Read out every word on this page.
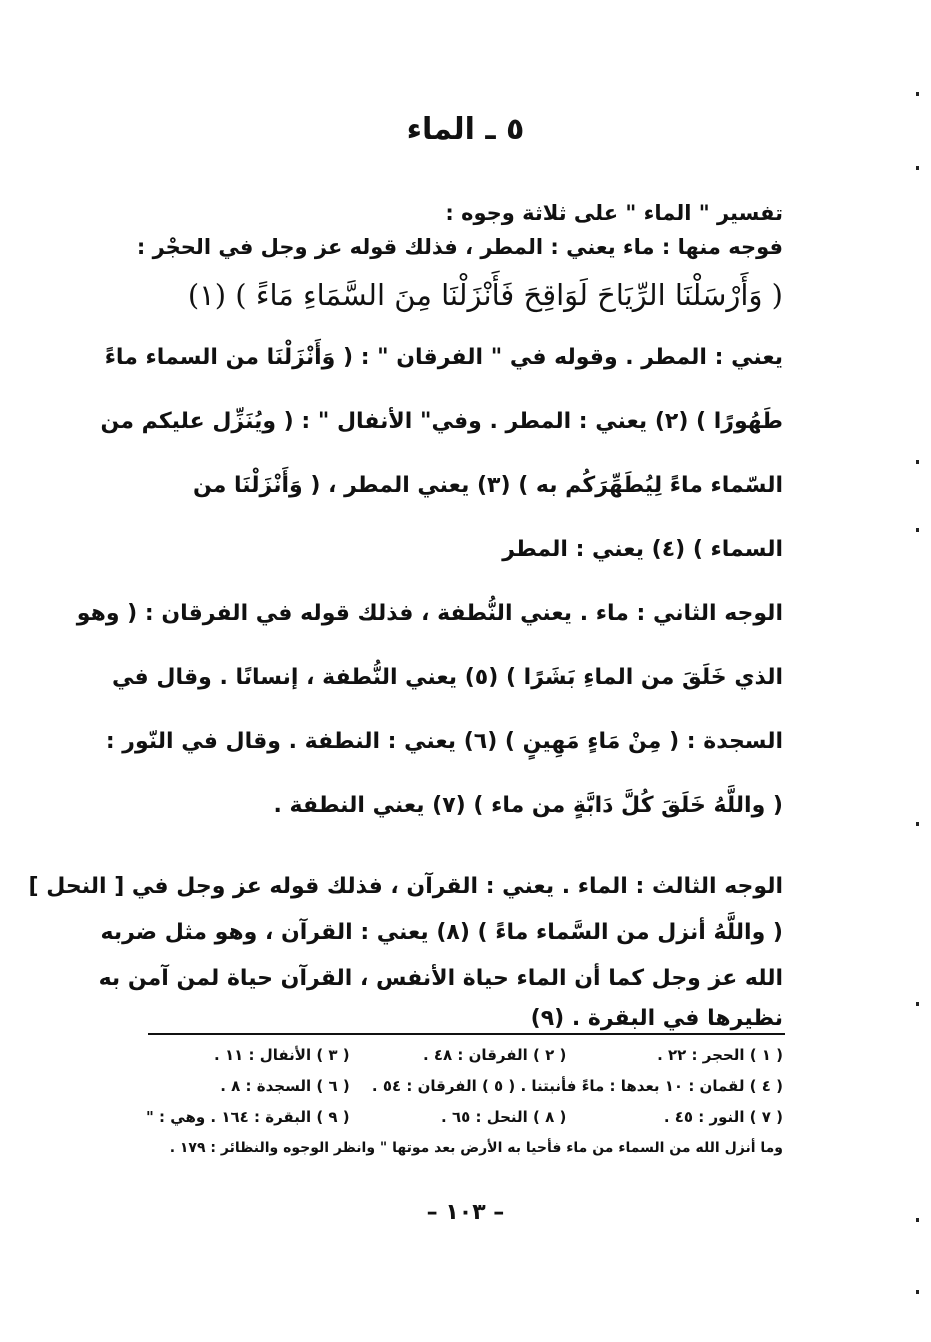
٥ ـ الماء
تفسير " الماء " على ثلاثة وجوه :
فوجه منها : ماء يعني : المطر ، فذلك قوله عز وجل في الحجْر :
( وَأَرْسَلْنَا الرِّيَاحَ لَوَاقِحَ فَأَنْزَلْنَا مِنَ السَّمَاءِ مَاءً ) (١)
يعني : المطر . وقوله في " الفرقان " : ( وَأَنْزَلْنَا من السماء ماءً
طَهُورًا ) (٢) يعني : المطر . وفي" الأنفال " : ( ويُنَزِّل عليكم من
السّماء ماءً لِيُطَهِّرَكُم به ) (٣) يعني المطر ، ( وَأَنْزَلْنَا من
السماء ) (٤) يعني : المطر
الوجه الثاني : ماء . يعني النُّطفة ، فذلك قوله في الفرقان : ( وهو
الذي خَلَقَ من الماءِ بَشَرًا ) (٥) يعني النُّطفة ، إنسانًا . وقال في
السجدة : ( مِنْ مَاءٍ مَهِينٍ ) (٦) يعني : النطفة . وقال في النّور :
( واللَّهُ خَلَقَ كُلَّ دَابَّةٍ من ماء ) (٧) يعني النطفة .
الوجه الثالث : الماء . يعني : القرآن ، فذلك قوله عز وجل في [ النحل ]
( واللَّهُ أنزل من السَّماء ماءً ) (٨) يعني : القرآن ، وهو مثل ضربه
الله عز وجل كما أن الماء حياة الأنفس ، القرآن حياة لمن آمن به
نظيرها في البقرة . (٩)
( ١ ) الحجر : ٢٢ .
( ٢ ) الفرقان : ٤٨ .
( ٣ ) الأنفال : ١١ .
( ٤ ) لقمان : ١٠ بعدها : ماءً فأنبتنا . ( ٥ ) الفرقان : ٥٤ .
( ٦ ) السجدة : ٨ .
( ٧ ) النور : ٤٥ .
( ٨ ) النحل : ٦٥ .
( ٩ ) البقرة : ١٦٤ . وهي : "
وما أنزل الله من السماء من ماء فأحيا به الأرض بعد موتها " وانظر الوجوه والنظائر : ١٧٩ .
– ١٠٣ –
